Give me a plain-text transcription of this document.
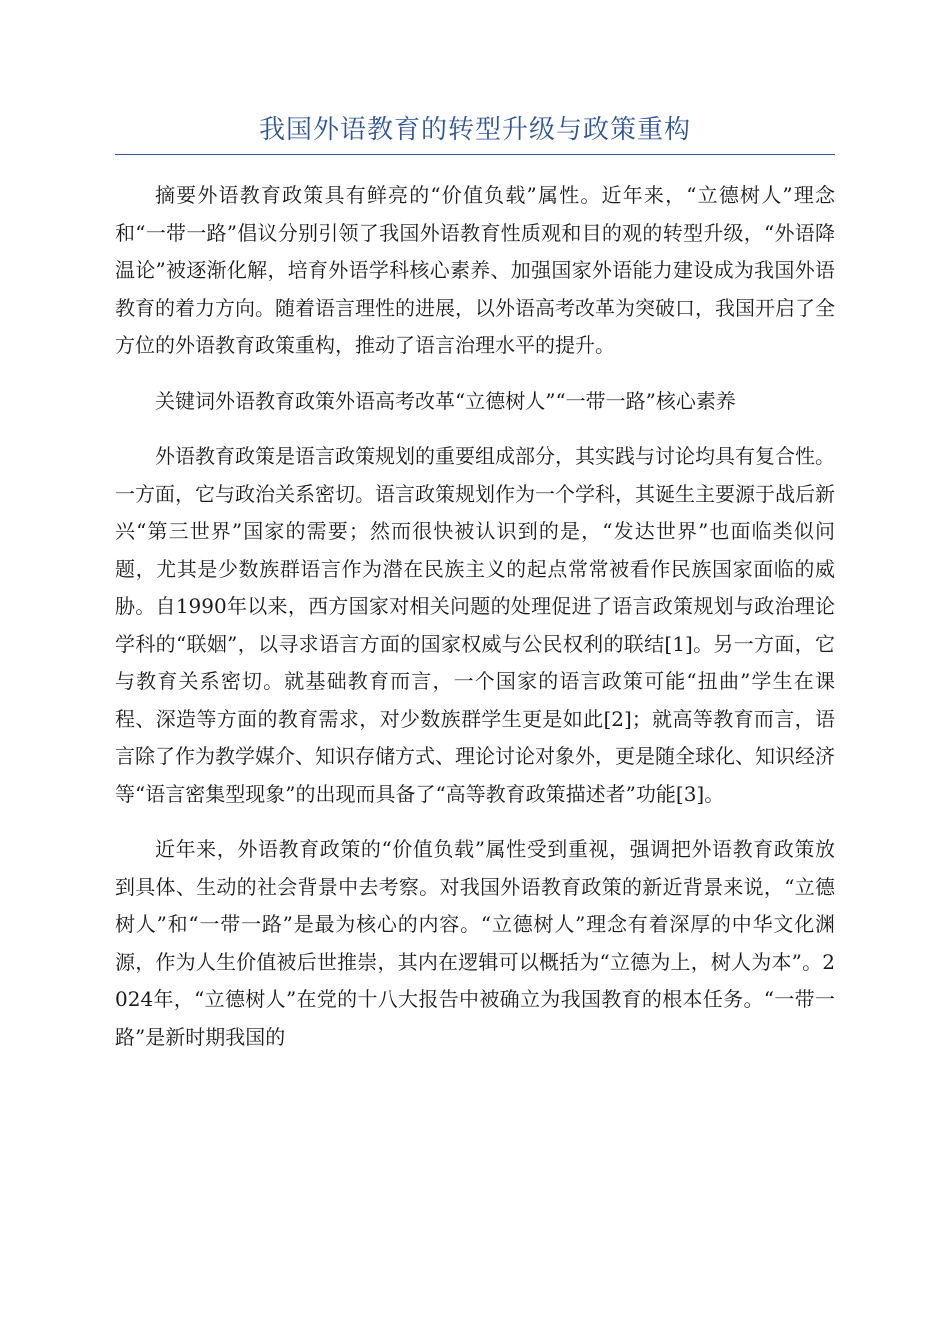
我国外语教育的转型升级与政策重构

摘要外语教育政策具有鲜亮的“价值负载”属性。近年来，“立德树人”理念和“一带一路”倡议分别引领了我国外语教育性质观和目的观的转型升级，“外语降温论”被逐渐化解，培育外语学科核心素养、加强国家外语能力建设成为我国外语教育的着力方向。随着语言理性的进展，以外语高考改革为突破口，我国开启了全方位的外语教育政策重构，推动了语言治理水平的提升。

关键词外语教育政策外语高考改革“立德树人”“一带一路”核心素养

外语教育政策是语言政策规划的重要组成部分，其实践与讨论均具有复合性。一方面，它与政治关系密切。语言政策规划作为一个学科，其诞生主要源于战后新兴“第三世界”国家的需要；然而很快被认识到的是，“发达世界”也面临类似问题，尤其是少数族群语言作为潜在民族主义的起点常常被看作民族国家面临的威胁。自1990年以来，西方国家对相关问题的处理促进了语言政策规划与政治理论学科的“联姻”，以寻求语言方面的国家权威与公民权利的联结[1]。另一方面，它与教育关系密切。就基础教育而言，一个国家的语言政策可能“扭曲”学生在课程、深造等方面的教育需求，对少数族群学生更是如此[2]；就高等教育而言，语言除了作为教学媒介、知识存储方式、理论讨论对象外，更是随全球化、知识经济等“语言密集型现象”的出现而具备了“高等教育政策描述者”功能[3]。

近年来，外语教育政策的“价值负载”属性受到重视，强调把外语教育政策放到具体、生动的社会背景中去考察。对我国外语教育政策的新近背景来说，“立德树人”和“一带一路”是最为核心的内容。“立德树人”理念有着深厚的中华文化渊源，作为人生价值被后世推崇，其内在逻辑可以概括为“立德为上，树人为本”。2024年，“立德树人”在党的十八大报告中被确立为我国教育的根本任务。“一带一路”是新时期我国的
